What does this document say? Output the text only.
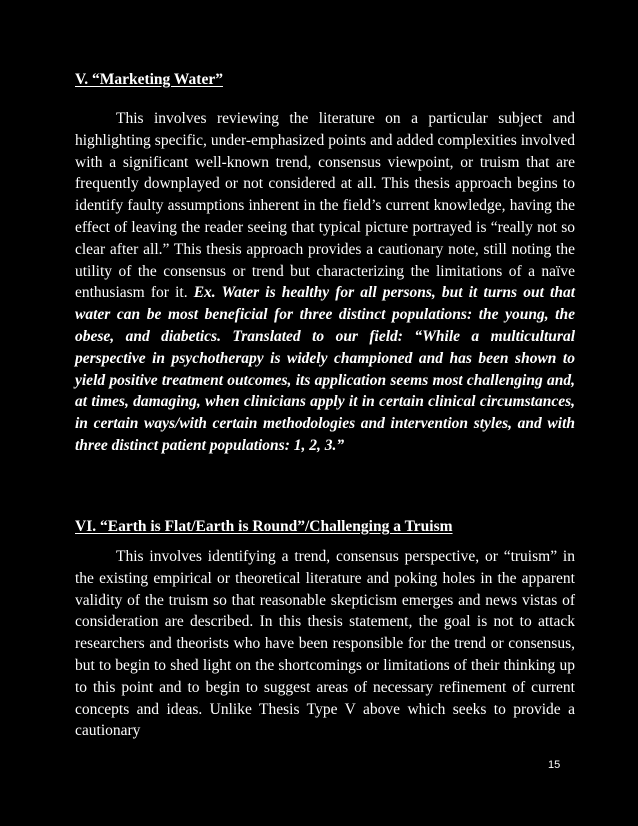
V. “Marketing Water”

This involves reviewing the literature on a particular subject and highlighting specific, under-emphasized points and added complexities involved with a significant well-known trend, consensus viewpoint, or truism that are frequently downplayed or not considered at all. This thesis approach begins to identify faulty assumptions inherent in the field’s current knowledge, having the effect of leaving the reader seeing that typical picture portrayed is “really not so clear after all.” This thesis approach provides a cautionary note, still noting the utility of the consensus or trend but characterizing the limitations of a naïve enthusiasm for it. Ex. Water is healthy for all persons, but it turns out that water can be most beneficial for three distinct populations: the young, the obese, and diabetics. Translated to our field: “While a multicultural perspective in psychotherapy is widely championed and has been shown to yield positive treatment outcomes, its application seems most challenging and, at times, damaging, when clinicians apply it in certain clinical circumstances, in certain ways/with certain methodologies and intervention styles, and with three distinct patient populations: 1, 2, 3.”

VI. “Earth is Flat/Earth is Round”/Challenging a Truism

This involves identifying a trend, consensus perspective, or “truism” in the existing empirical or theoretical literature and poking holes in the apparent validity of the truism so that reasonable skepticism emerges and news vistas of consideration are described. In this thesis statement, the goal is not to attack researchers and theorists who have been responsible for the trend or consensus, but to begin to shed light on the shortcomings or limitations of their thinking up to this point and to begin to suggest areas of necessary refinement of current concepts and ideas. Unlike Thesis Type V above which seeks to provide a cautionary

15
